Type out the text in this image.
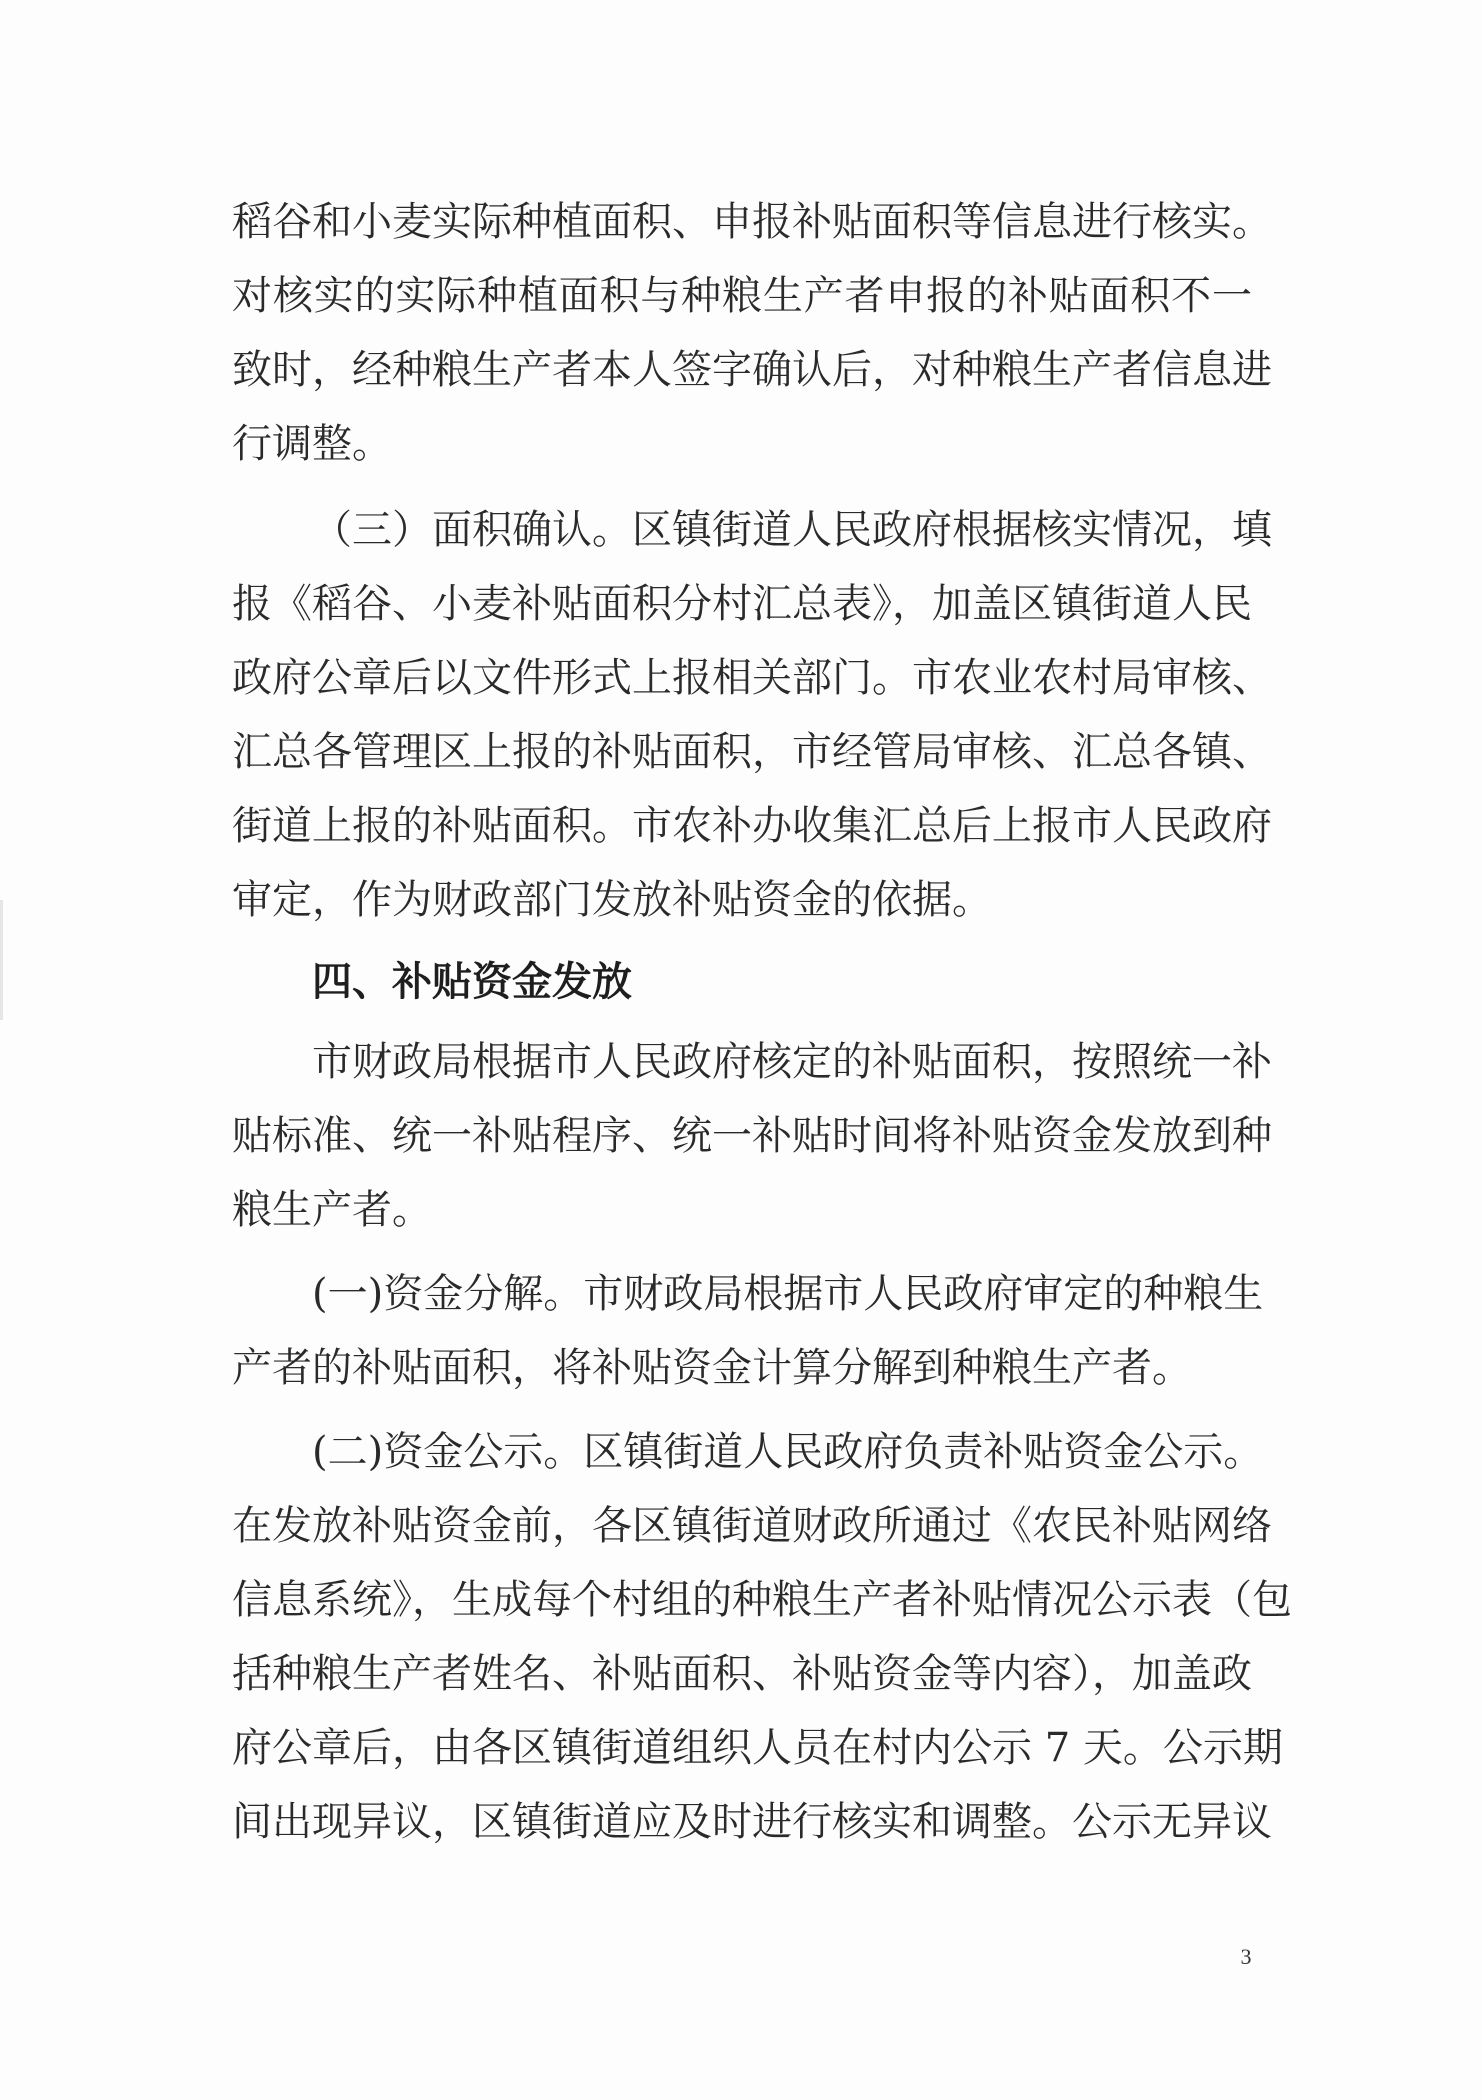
稻谷和小麦实际种植面积、申报补贴面积等信息进行核实。
对核实的实际种植面积与种粮生产者申报的补贴面积不一
致时，经种粮生产者本人签字确认后，对种粮生产者信息进
行调整。
（三）面积确认。区镇街道人民政府根据核实情况，填
报《稻谷、小麦补贴面积分村汇总表》，加盖区镇街道人民
政府公章后以文件形式上报相关部门。市农业农村局审核、
汇总各管理区上报的补贴面积，市经管局审核、汇总各镇、
街道上报的补贴面积。市农补办收集汇总后上报市人民政府
审定，作为财政部门发放补贴资金的依据。
四、补贴资金发放
市财政局根据市人民政府核定的补贴面积，按照统一补
贴标准、统一补贴程序、统一补贴时间将补贴资金发放到种
粮生产者。
(一)资金分解。市财政局根据市人民政府审定的种粮生
产者的补贴面积，将补贴资金计算分解到种粮生产者。
(二)资金公示。区镇街道人民政府负责补贴资金公示。
在发放补贴资金前，各区镇街道财政所通过《农民补贴网络
信息系统》，生成每个村组的种粮生产者补贴情况公示表（包
括种粮生产者姓名、补贴面积、补贴资金等内容），加盖政
府公章后，由各区镇街道组织人员在村内公示 7 天。公示期
间出现异议，区镇街道应及时进行核实和调整。公示无异议
3
